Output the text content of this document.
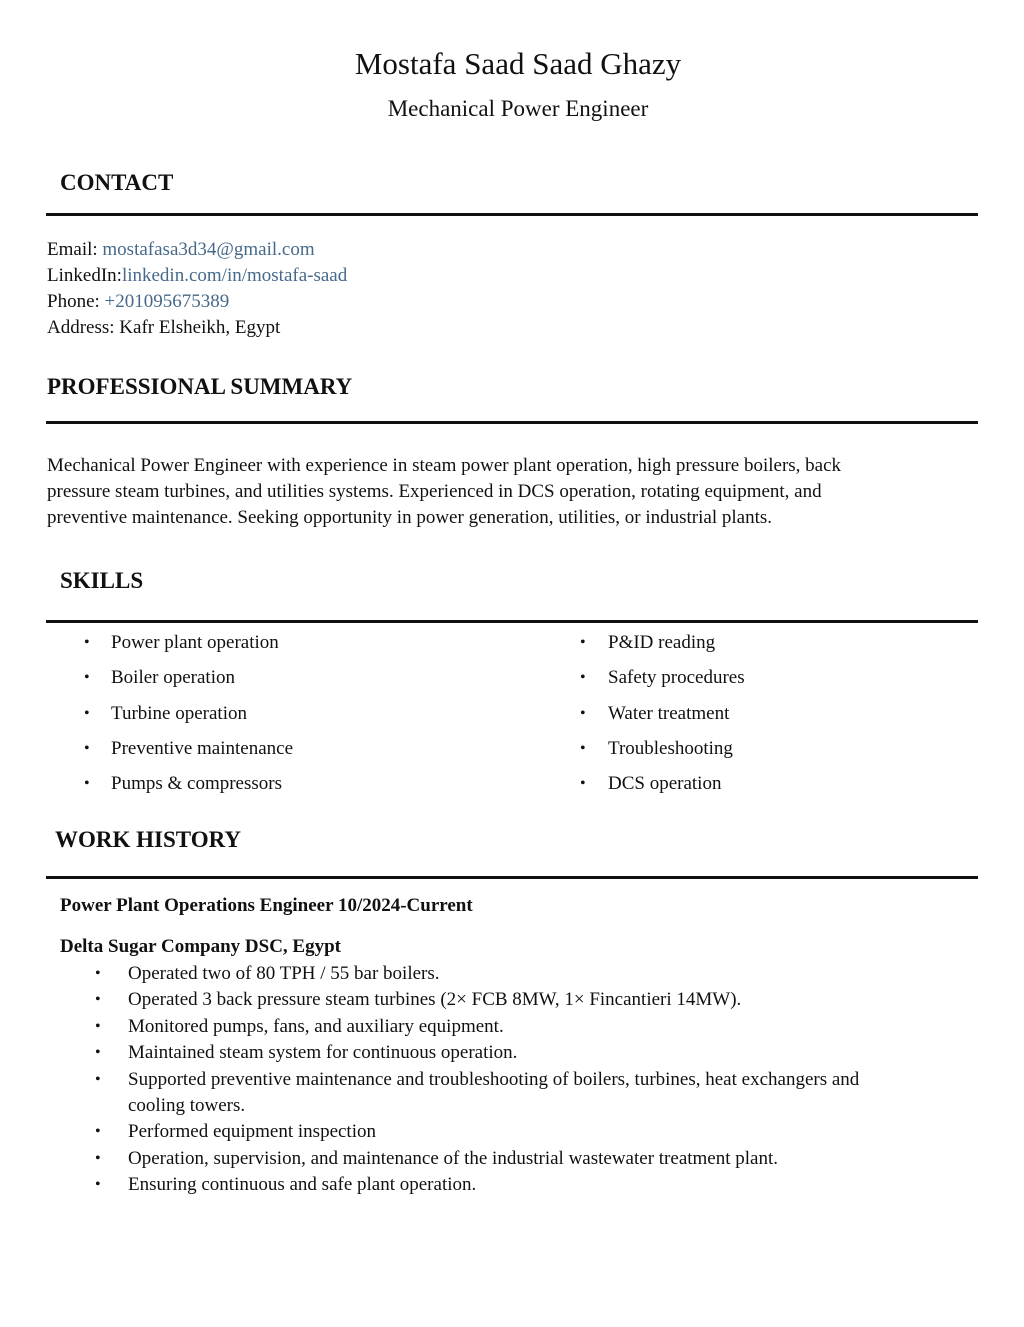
Mostafa Saad Saad Ghazy
Mechanical Power Engineer
CONTACT
Email: mostafasa3d34@gmail.com
LinkedIn:linkedin.com/in/mostafa-saad
Phone: +201095675389
Address: Kafr Elsheikh, Egypt
PROFESSIONAL SUMMARY
Mechanical Power Engineer with experience in steam power plant operation, high pressure boilers, back
pressure steam turbines, and utilities systems. Experienced in DCS operation, rotating equipment, and
preventive maintenance. Seeking opportunity in power generation, utilities, or industrial plants.
SKILLS
• Power plant operation
• Boiler operation
• Turbine operation
• Preventive maintenance
• Pumps & compressors
• P&ID reading
• Safety procedures
• Water treatment
• Troubleshooting
• DCS operation
WORK HISTORY
Power Plant Operations Engineer 10/2024-Current
Delta Sugar Company DSC, Egypt
• Operated two of 80 TPH / 55 bar boilers.
• Operated 3 back pressure steam turbines (2× FCB 8MW, 1× Fincantieri 14MW).
• Monitored pumps, fans, and auxiliary equipment.
• Maintained steam system for continuous operation.
• Supported preventive maintenance and troubleshooting of boilers, turbines, heat exchangers and
cooling towers.
• Performed equipment inspection
• Operation, supervision, and maintenance of the industrial wastewater treatment plant.
• Ensuring continuous and safe plant operation.
